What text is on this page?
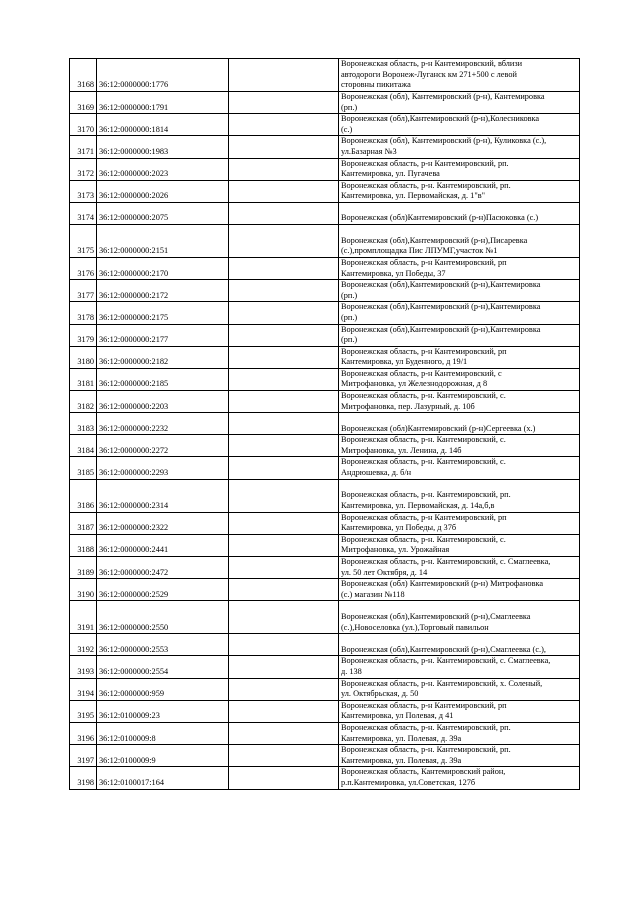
3168	36:12:0000000:1776		Воронежская область, р-н Кантемировский, вблизи
автодороги Воронеж-Луганск км 271+500 с левой
сторовны пикитажа
3169	36:12:0000000:1791		Воронежская (обл), Кантемировский (р-н), Кантемировка
(рп.)
3170	36:12:0000000:1814		Воронежская (обл),Кантемировский (р-н),Колесниковка
(с.)
3171	36:12:0000000:1983		Воронежская (обл), Кантемировский (р-н), Куликовка (с.),
ул.Базарная №3
3172	36:12:0000000:2023		Воронежская область, р-н Кантемировский, рп.
Кантемировка, ул. Пугачева
3173	36:12:0000000:2026		Воронежская область, р-н. Кантемировский, рп.
Кантемировка, ул. Первомайская, д. 1"в"
3174	36:12:0000000:2075		Воронежская (обл)Кантемировский (р-н)Пасюковка (с.)
3175	36:12:0000000:2151		Воронежская (обл),Кантемировский (р-н),Писаревка
(с.),промплощадка Пис ЛПУМГ,участок №1
3176	36:12:0000000:2170		Воронежская область, р-н Кантемировский, рп
Кантемировка, ул Победы, 37
3177	36:12:0000000:2172		Воронежская (обл),Кантемировский (р-н),Кантемировка
(рп.)
3178	36:12:0000000:2175		Воронежская (обл),Кантемировский (р-н),Кантемировка
(рп.)
3179	36:12:0000000:2177		Воронежская (обл),Кантемировский (р-н),Кантемировка
(рп.)
3180	36:12:0000000:2182		Воронежская область, р-н Кантемировский, рп
Кантемировка, ул Буденного, д 19/1
3181	36:12:0000000:2185		Воронежская область, р-н Кантемировский, с
Митрофановка, ул Железнодорожная, д 8
3182	36:12:0000000:2203		Воронежская область, р-н. Кантемировский, с.
Митрофановка, пер. Лазурный, д. 10б
3183	36:12:0000000:2232		Воронежская (обл)Кантемировский (р-н)Сергеевка (х.)
3184	36:12:0000000:2272		Воронежская область, р-н. Кантемировский, с.
Митрофановка, ул. Ленина, д. 14б
3185	36:12:0000000:2293		Воронежская область, р-н. Кантемировский, с.
Андрюшевка, д. б/н
3186	36:12:0000000:2314		Воронежская область, р-н. Кантемировский, рп.
Кантемировка, ул. Первомайская, д. 14а,б,в
3187	36:12:0000000:2322		Воронежская область, р-н Кантемировский, рп
Кантемировка, ул Победы, д 37б
3188	36:12:0000000:2441		Воронежская область, р-н. Кантемировский, с.
Митрофановка, ул. Урожайная
3189	36:12:0000000:2472		Воронежская область, р-н. Кантемировский, с. Смаглеевка,
ул. 50 лет Октября, д. 14
3190	36:12:0000000:2529		Воронежская (обл) Кантемировский (р-н) Митрофановка
(с.) магазин №118
3191	36:12:0000000:2550		Воронежская (обл),Кантемировский (р-н),Смаглеевка
(с.),Новоселовка (ул.),Торговый павильон
3192	36:12:0000000:2553		Воронежская (обл),Кантемировский (р-н),Смаглеевка (с.),
3193	36:12:0000000:2554		Воронежская область, р-н. Кантемировский, с. Смаглеевка,
д. 138
3194	36:12:0000000:959		Воронежская область, р-н. Кантемировский, х. Соленый,
ул. Октябрьская, д. 50
3195	36:12:0100009:23		Воронежская область, р-н Кантемировский, рп
Кантемировка, ул Полевая, д 41
3196	36:12:0100009:8		Воронежская область, р-н. Кантемировский, рп.
Кантемировка, ул. Полевая, д. 39а
3197	36:12:0100009:9		Воронежская область, р-н. Кантемировский, рп.
Кантемировка, ул. Полевая, д. 39а
3198	36:12:0100017:164		Воронежская область, Кантемировский район,
р.п.Кантемировка, ул.Советская, 127б
